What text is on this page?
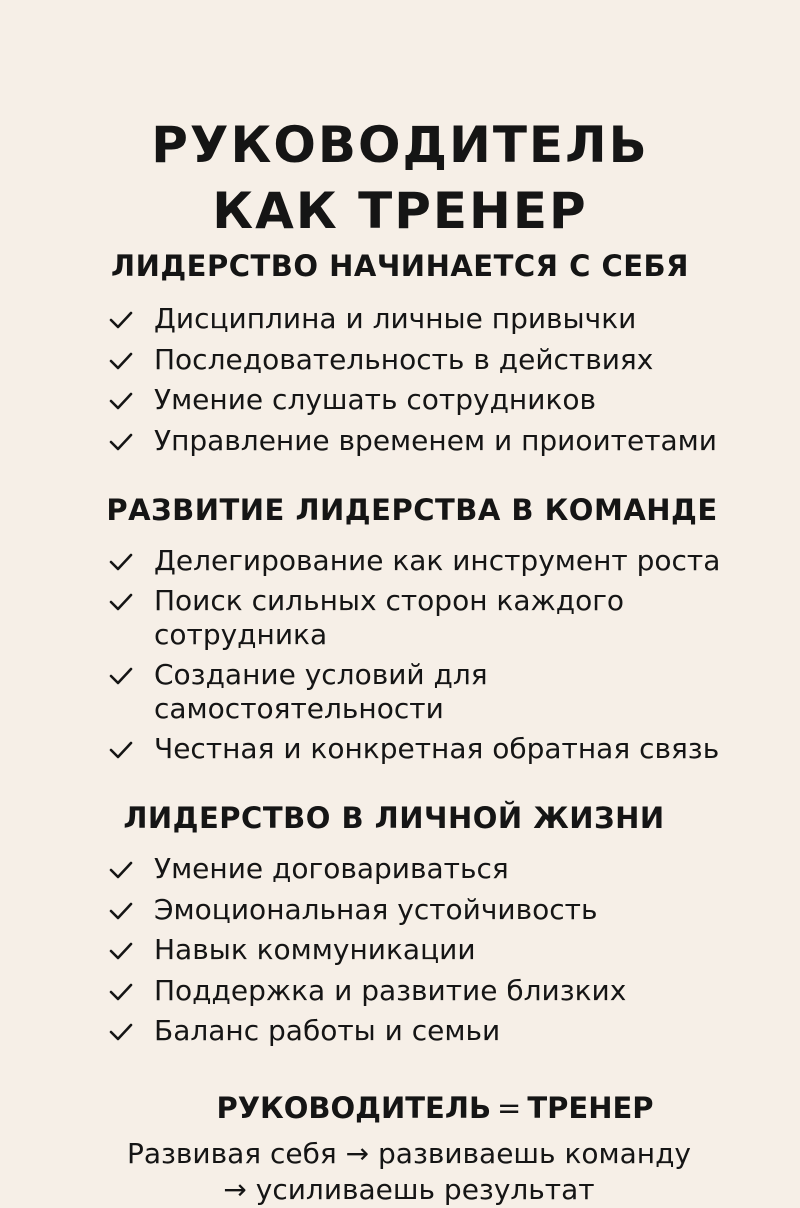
РУКОВОДИТЕЛЬ
КАК ТРЕНЕР
ЛИДЕРСТВО НАЧИНАЕТСЯ С СЕБЯ
Дисциплина и личные привычки
Последовательность в действиях
Умение слушать сотрудников
Управление временем и приоитетами
РАЗВИТИЕ ЛИДЕРСТВА В КОМАНДЕ
Делегирование как инструмент роста
Поиск сильных сторон каждого сотрудника
Создание условий для самостоятельности
Честная и конкретная обратная связь
ЛИДЕРСТВО В ЛИЧНОЙ ЖИЗНИ
Умение договариваться
Эмоциональная устойчивость
Навык коммуникации
Поддержка и развитие близких
Баланс работы и семьи
РУКОВОДИТЕЛЬ = ТРЕНЕР
Развивая себя → развиваешь команду
→ усиливаешь результат
